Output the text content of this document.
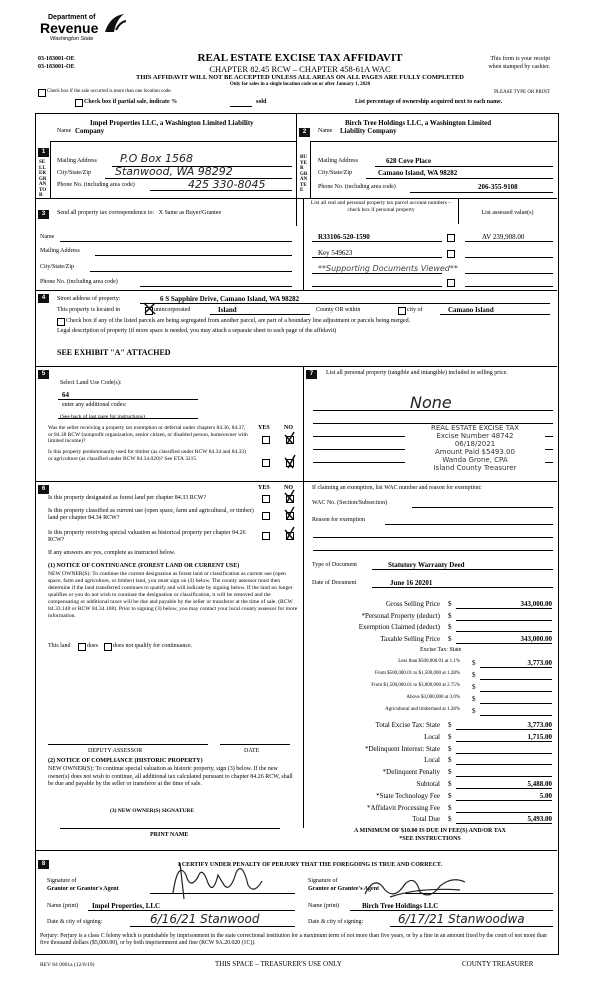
Department of
Revenue
Washington State
03-183001-OE
03-183001-OE
REAL ESTATE EXCISE TAX AFFIDAVIT
CHAPTER 82.45 RCW – CHAPTER 458-61A WAC
THIS AFFIDAVIT WILL NOT BE ACCEPTED UNLESS ALL AREAS ON ALL PAGES ARE FULLY COMPLETED
Only for sales in a single location code on or after January 1, 2020
This form is your receipt
when stamped by cashier.
Check box if the sale occurred is more than one location code.	PLEASE TYPE OR PRINT
Check box if partial sale, indicate %	sold	List percentage of ownership acquired next to each name.
1
SELLER GRANTOR
Name
Impel Properties LLC, a Washington Limited Liability
Company
Mailing Address P.O Box 1568
City/State/Zip Stanwood, WA 98292
Phone No. (including area code)	425 330-8045
2
BUYER GRANTEE
Name
Birch Tree Holdings LLC, a Washington Limited
Liability Company
Mailing Address	628 Cove Place
City/State/Zip	Camano Island, WA 98282
Phone No. (including area code)	206-355-9108
3	Send all property tax correspondence to: X Same as Buyer/Grantee
List all real and personal property tax parcel account numbers – check box if personal property
List assessed value(s)
Name
Mailing Address
City/State/Zip
Phone No. (including area code)
R33106-520-1590	AV 239,908.00
Key 549623
**Supporting Documents Viewed**
4	Street address of property:	6 S Sapphire Drive, Camano Island, WA 98282
This property is located in	unincorporated	Island	County OR within	city of	Camano Island
Check box if any of the listed parcels are being segregated from another parcel, are part of a boundary line adjustment or parcels being merged.
Legal description of property (if more space is needed, you may attach a separate sheet to each page of the affidavit)
SEE EXHIBIT "A" ATTACHED
5
Select Land Use Code(s):
64
enter any additional codes:
(See back of last page for instructions)
YES NO
Was the seller receiving a property tax exemption or deferral under chapters 84.36, 84.37, or 84.38 RCW (nonprofit organization, senior citizen, or disabled person, homeowner with limited income)?
Is this property predominantly used for timber (as classified under RCW 84.34 and 84.33) or agriculture (as classified under RCW 84.34.020)? See ETA 3215
6	YES NO
Is this property designated as forest land per chapter 84.33 RCW?
Is this property classified as current use (open space, farm and agricultural, or timber) land per chapter 84.34 RCW?
Is this property receiving special valuation as historical property per chapter 84.26 RCW?
If any answers are yes, complete as instructed below.
(1) NOTICE OF CONTINUANCE (FOREST LAND OR CURRENT USE)
NEW OWNER(S): To continue the current designation as forest land or classification as current use (open space, farm and agriculture, or timber) land, you must sign on (3) below. The county assessor must then determine if the land transferred continues to qualify and will indicate by signing below. If the land no longer qualifies or you do not wish to continue the designation or classification, it will be removed and the compensating or additional taxes will be due and payable by the seller or transferor at the time of sale. (RCW 84.33.140 or RCW 84.34.108). Prior to signing (3) below, you may contact your local county assessor for more information.
This land	does	does not qualify for continuance.
DEPUTY ASSESSOR	DATE
(2) NOTICE OF COMPLIANCE (HISTORIC PROPERTY)
NEW OWNER(S): To continue special valuation as historic property, sign (3) below. If the new owner(s) does not wish to continue, all additional tax calculated pursuant to chapter 84.26 RCW, shall be due and payable by the seller or transferor at the time of sale.
(3) NEW OWNER(S) SIGNATURE
PRINT NAME
7	List all personal property (tangible and intangible) included in selling price.
None
REAL ESTATE EXCISE TAX
Excise Number 48742
06/18/2021
Amount Paid $5493.00
Wanda Grone, CPA
Island County Treasurer
If claiming an exemption, list WAC number and reason for exemption:
WAC No. (Section/Subsection)
Reason for exemption
Type of Document	Statutory Warranty Deed
Date of Document	June 16 20201
Gross Selling Price $	343,000.00
*Personal Property (deduct) $
Exemption Claimed (deduct) $
Taxable Selling Price $	343,000.00
Excise Tax: State
Less than $500,000.01 at 1.1% $	3,773.00
From $500,000.01 to $1,500,000 at 1.28% $
From $1,500,000.01 to $3,000,000 at 2.75% $
Above $3,000,000 at 3.0% $
Agricultural and timberland at 1.28% $
Total Excise Tax: State $	3,773.00
Local $	1,715.00
*Delinquent Interest: State $
Local $
*Delinquent Penalty $
Subtotal $	5,488.00
*State Technology Fee $	5.00
*Affidavit Processing Fee $
Total Due $	5,493.00
A MINIMUM OF $10.00 IS DUE IN FEE(S) AND/OR TAX
*SEE INSTRUCTIONS
8	I CERTIFY UNDER PENALTY OF PERJURY THAT THE FOREGOING IS TRUE AND CORRECT.
Signature of
Grantor or Grantor's Agent
Signature of
Grantee or Grantee's Agent
Name (print) Impel Properties, LLC	Name (print)	Birch Tree Holdings LLC
Date & city of signing:	6/16/21 Stanwood	Date & city of signing:	6/17/21 Stanwoodwa
Perjury: Perjury is a class C felony which is punishable by imprisonment in the state correctional institution for a maximum term of not more than five years, or by a fine in an amount fixed by the court of not more than five thousand dollars ($5,000.00), or by both imprisonment and fine (RCW 9A.20.020 (1C)).
REV 84 0001a (12/6/19)	THIS SPACE – TREASURER'S USE ONLY	COUNTY TREASURER
